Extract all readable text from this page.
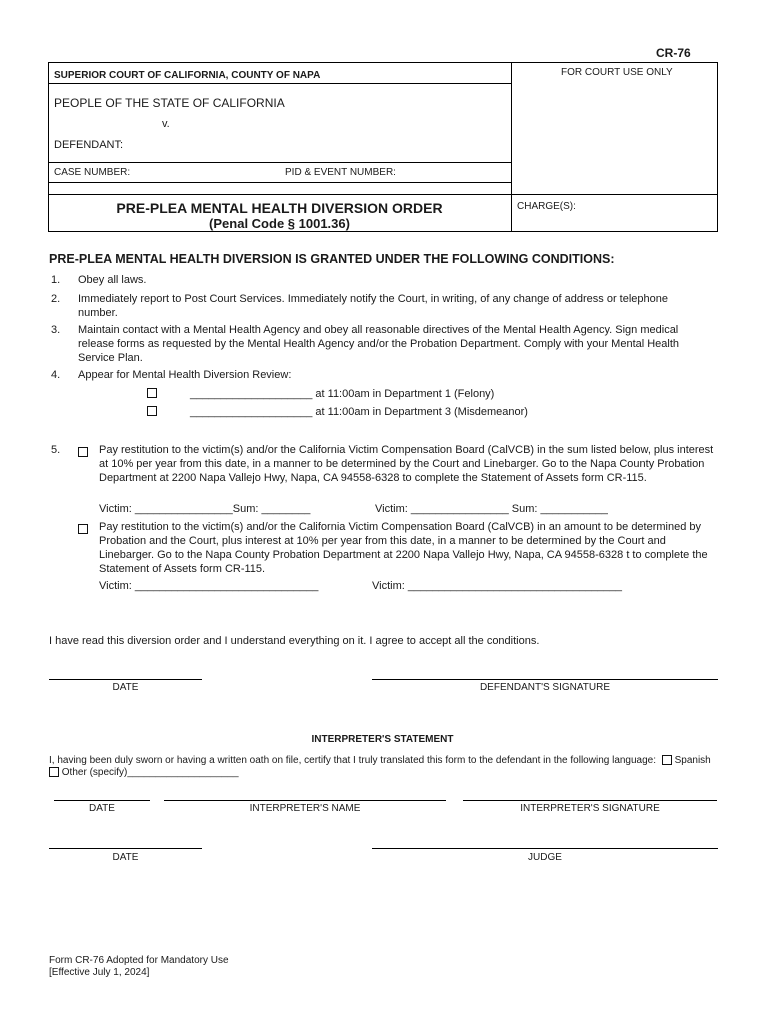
CR-76
SUPERIOR COURT OF CALIFORNIA, COUNTY OF NAPA	FOR COURT USE ONLY
PEOPLE OF THE STATE OF CALIFORNIA
v.
DEFENDANT:
CASE NUMBER:	PID & EVENT NUMBER:
PRE-PLEA MENTAL HEALTH DIVERSION ORDER
(Penal Code § 1001.36)
CHARGE(S):
PRE-PLEA MENTAL HEALTH DIVERSION IS GRANTED UNDER THE FOLLOWING CONDITIONS:
1. Obey all laws.
2. Immediately report to Post Court Services. Immediately notify the Court, in writing, of any change of address or telephone number.
3. Maintain contact with a Mental Health Agency and obey all reasonable directives of the Mental Health Agency. Sign medical release forms as requested by the Mental Health Agency and/or the Probation Department. Comply with your Mental Health Service Plan.
4. Appear for Mental Health Diversion Review:
____________________ at 11:00am in Department 1 (Felony)
____________________ at 11:00am in Department 3 (Misdemeanor)
5.	Pay restitution to the victim(s) and/or the California Victim Compensation Board (CalVCB) in the sum listed below, plus interest at 10% per year from this date, in a manner to be determined by the Court and Linebarger. Go to the Napa County Probation Department at 2200 Napa Vallejo Hwy, Napa, CA 94558-6328 to complete the Statement of Assets form CR-115.
Victim: ________________Sum: ________	Victim: ________________ Sum: ___________
Pay restitution to the victim(s) and/or the California Victim Compensation Board (CalVCB) in an amount to be determined by Probation and the Court, plus interest at 10% per year from this date, in a manner to be determined by the Court and Linebarger. Go to the Napa County Probation Department at 2200 Napa Vallejo Hwy, Napa, CA 94558-6328 t to complete the Statement of Assets form CR-115.
Victim: ______________________________	Victim: ___________________________________
I have read this diversion order and I understand everything on it. I agree to accept all the conditions.
DATE	DEFENDANT'S SIGNATURE
INTERPRETER'S STATEMENT
I, having been duly sworn or having a written oath on file, certify that I truly translated this form to the defendant in the following language: Spanish
Other (specify)____________________
DATE	INTERPRETER'S NAME	INTERPRETER'S SIGNATURE
DATE	JUDGE
Form CR-76 Adopted for Mandatory Use
[Effective July 1, 2024]
